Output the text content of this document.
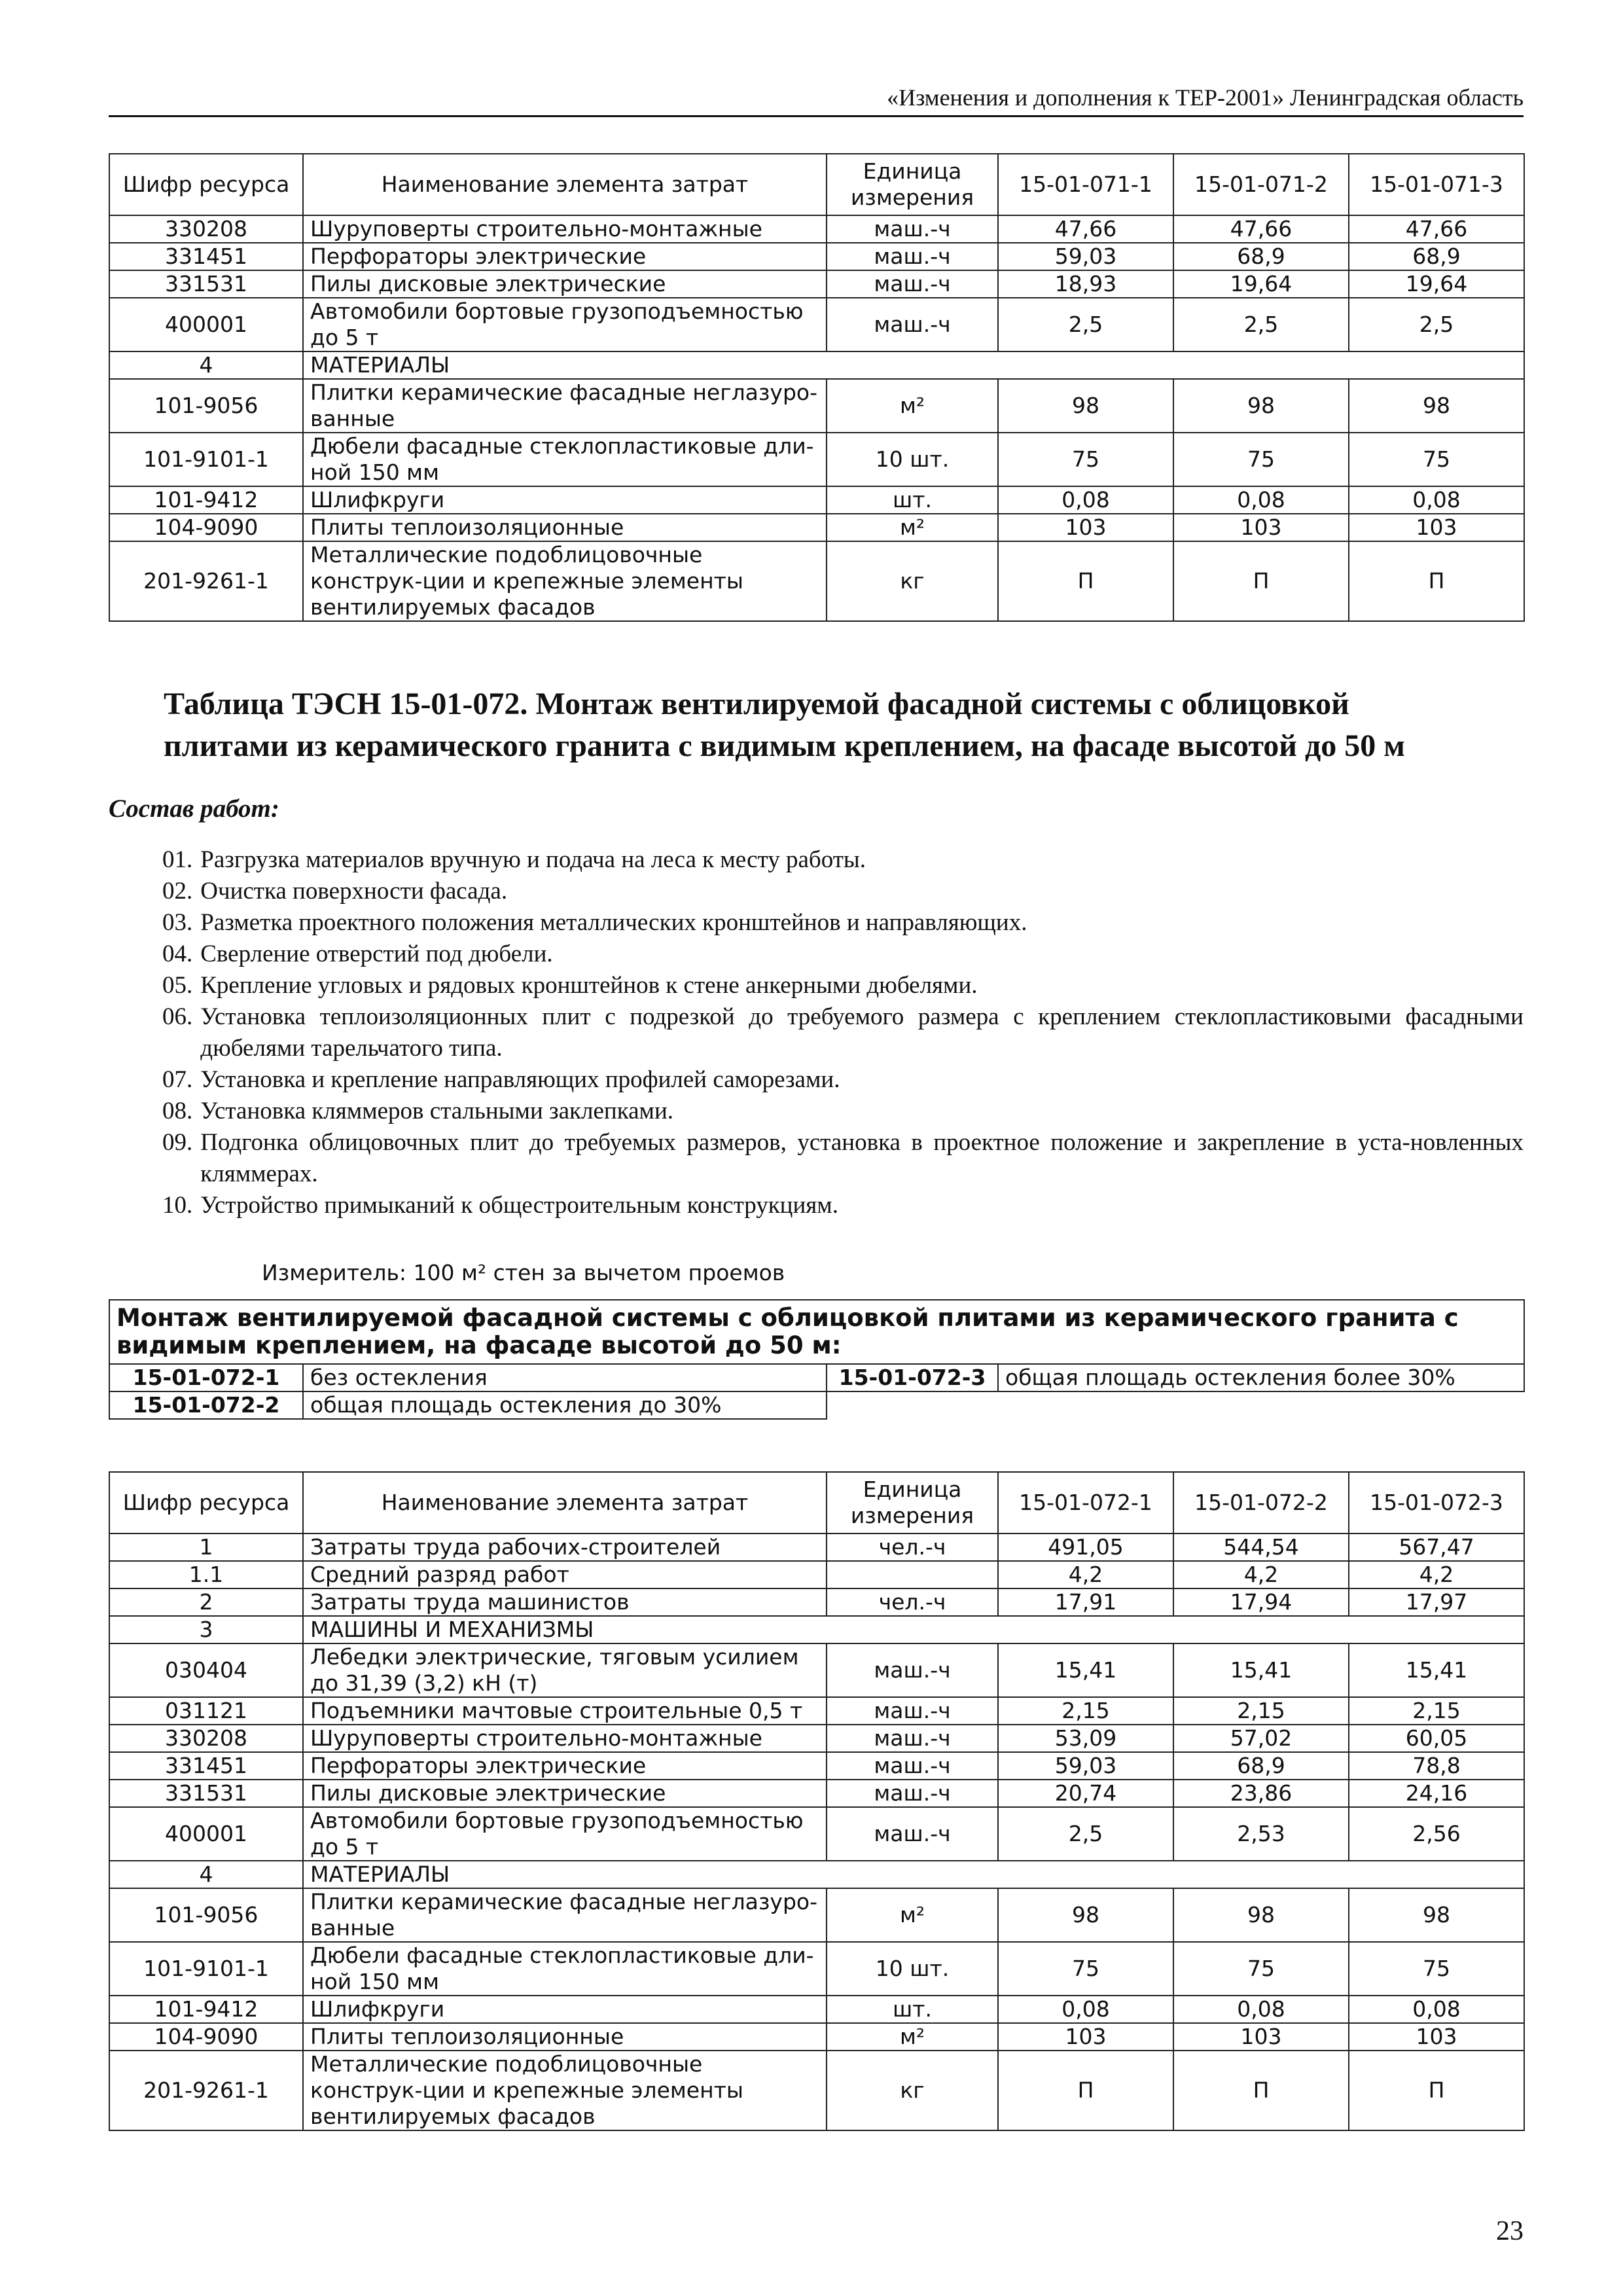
«Изменения и дополнения к ТЕР-2001» Ленинградская область
Шифр ресурса	Наименование элемента затрат	Единица измерения	15-01-071-1	15-01-071-2	15-01-071-3
330208	Шуруповерты строительно-монтажные	маш.-ч	47,66	47,66	47,66
331451	Перфораторы электрические	маш.-ч	59,03	68,9	68,9
331531	Пилы дисковые электрические	маш.-ч	18,93	19,64	19,64
400001	Автомобили бортовые грузоподъемностью до 5 т	маш.-ч	2,5	2,5	2,5
4	МАТЕРИАЛЫ				
101-9056	Плитки керамические фасадные неглазуро-ванные	м²	98	98	98
101-9101-1	Дюбели фасадные стеклопластиковые дли-ной 150 мм	10 шт.	75	75	75
101-9412	Шлифкруги	шт.	0,08	0,08	0,08
104-9090	Плиты теплоизоляционные	м²	103	103	103
201-9261-1	Металлические подоблицовочные конструк-ции и крепежные элементы вентилируемых фасадов	кг	П	П	П
Таблица ТЭСН 15-01-072. Монтаж вентилируемой фасадной системы с облицовкой плитами из керамического гранита с видимым креплением, на фасаде высотой до 50 м
Состав работ:
01. Разгрузка материалов вручную и подача на леса к месту работы.
02. Очистка поверхности фасада.
03. Разметка проектного положения металлических кронштейнов и направляющих.
04. Сверление отверстий под дюбели.
05. Крепление угловых и рядовых кронштейнов к стене анкерными дюбелями.
06. Установка теплоизоляционных плит с подрезкой до требуемого размера с креплением стеклопластиковыми фасадными дюбелями тарельчатого типа.
07. Установка и крепление направляющих профилей саморезами.
08. Установка кляммеров стальными заклепками.
09. Подгонка облицовочных плит до требуемых размеров, установка в проектное положение и закрепление в уста-новленных кляммерах.
10. Устройство примыканий к общестроительным конструкциям.
Измеритель: 100 м² стен за вычетом проемов
Монтаж вентилируемой фасадной системы с облицовкой плитами из керамического гранита с видимым креплением, на фасаде высотой до 50 м:			
15-01-072-1	без остекления	15-01-072-3	общая площадь остекления более 30%
15-01-072-2	общая площадь остекления до 30%		
Шифр ресурса	Наименование элемента затрат	Единица измерения	15-01-072-1	15-01-072-2	15-01-072-3
1	Затраты труда рабочих-строителей	чел.-ч	491,05	544,54	567,47
1.1	Средний разряд работ		4,2	4,2	4,2
2	Затраты труда машинистов	чел.-ч	17,91	17,94	17,97
3	МАШИНЫ И МЕХАНИЗМЫ				
030404	Лебедки электрические, тяговым усилием до 31,39 (3,2) кН (т)	маш.-ч	15,41	15,41	15,41
031121	Подъемники мачтовые строительные 0,5 т	маш.-ч	2,15	2,15	2,15
330208	Шуруповерты строительно-монтажные	маш.-ч	53,09	57,02	60,05
331451	Перфораторы электрические	маш.-ч	59,03	68,9	78,8
331531	Пилы дисковые электрические	маш.-ч	20,74	23,86	24,16
400001	Автомобили бортовые грузоподъемностью до 5 т	маш.-ч	2,5	2,53	2,56
4	МАТЕРИАЛЫ				
101-9056	Плитки керамические фасадные неглазуро-ванные	м²	98	98	98
101-9101-1	Дюбели фасадные стеклопластиковые дли-ной 150 мм	10 шт.	75	75	75
101-9412	Шлифкруги	шт.	0,08	0,08	0,08
104-9090	Плиты теплоизоляционные	м²	103	103	103
201-9261-1	Металлические подоблицовочные конструк-ции и крепежные элементы вентилируемых фасадов	кг	П	П	П
23
